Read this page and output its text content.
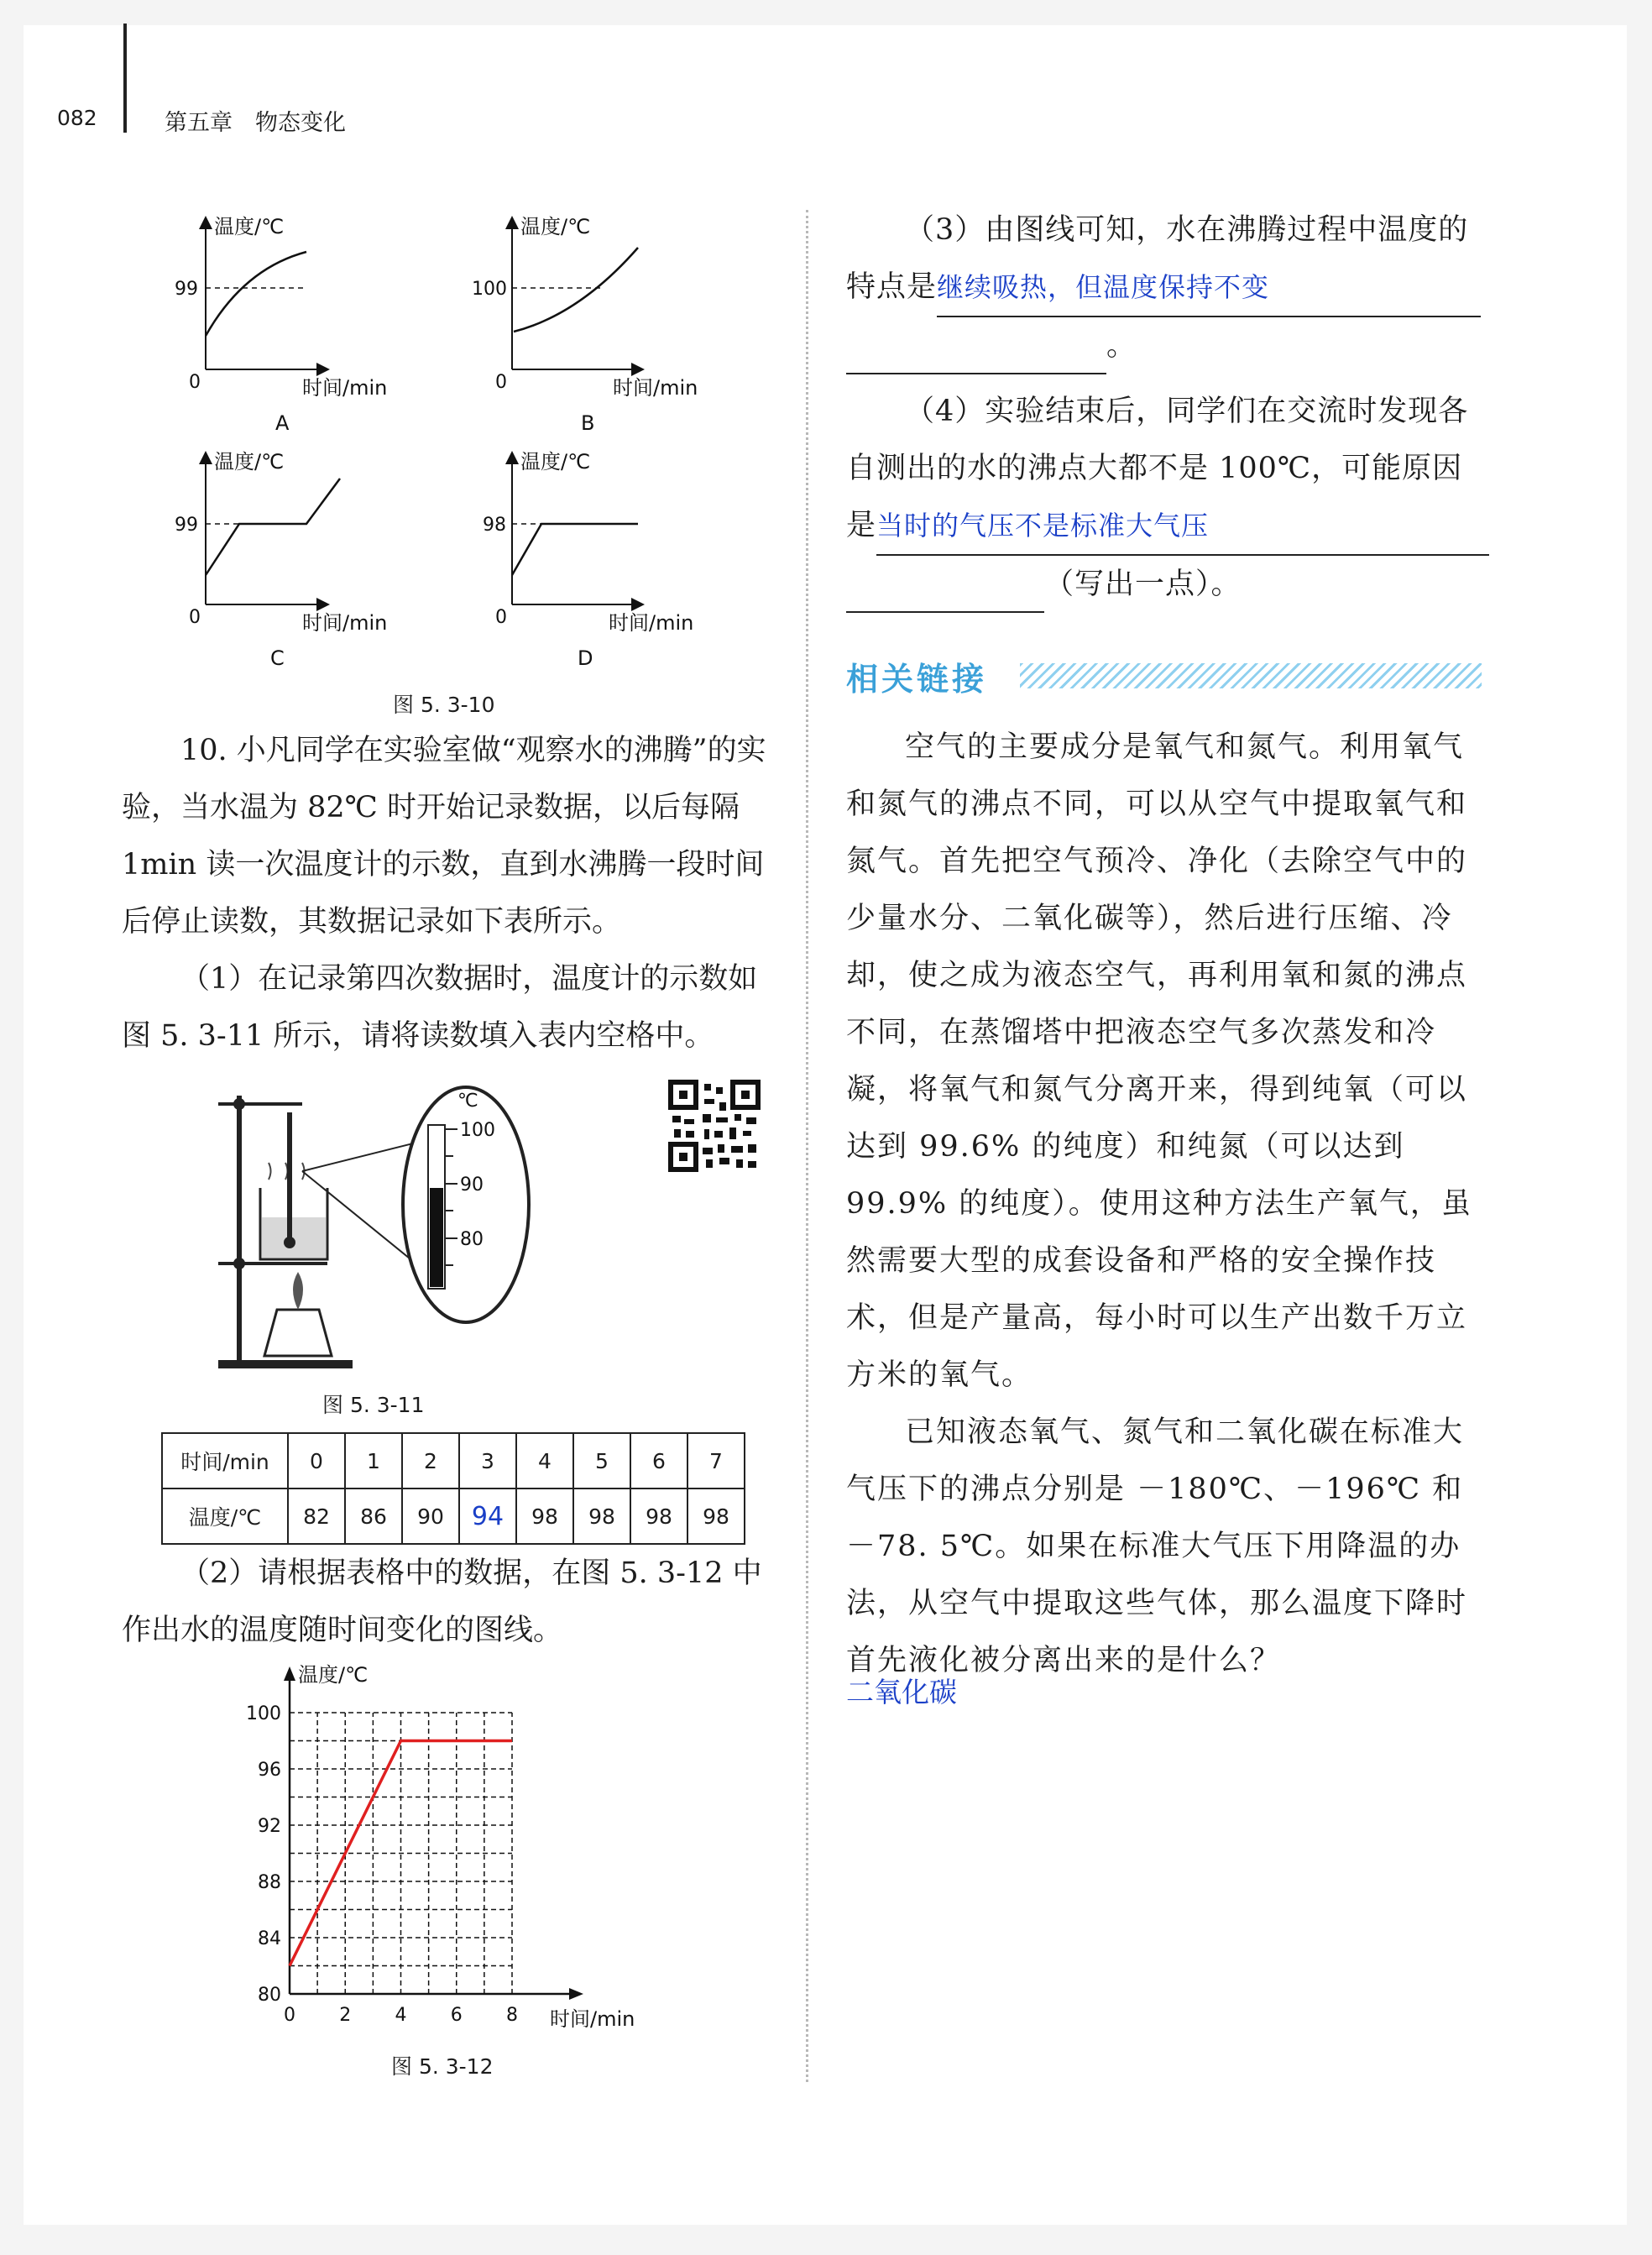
082	第五章　物态变化
温度/℃
时间/min
0
99
A
温度/℃
时间/min
0
100
B
温度/℃
时间/min
0
99
C
温度/℃
时间/min
0
98
D
图 5. 3-10

10. 小凡同学在实验室做“观察水的沸腾”的实验，当水温为 82℃ 时开始记录数据，以后每隔 1min 读一次温度计的示数，直到水沸腾一段时间后停止读数，其数据记录如下表所示。

（1）在记录第四次数据时，温度计的示数如图 5. 3-11 所示，请将读数填入表内空格中。

℃
100
90
80
图 5. 3-11
时间/min	0	1	2	3	4	5	6	7
温度/℃	82	86	90	94	98	98	98	98

（2）请根据表格中的数据，在图 5. 3-12 中作出水的温度随时间变化的图线。

80
84
88
92
96
100
0 2 4 6 8
温度/℃
时间/min
图 5. 3-12
（3）由图线可知，水在沸腾过程中温度的
特点是继续吸热，但温度保持不变
。
（4）实验结束后，同学们在交流时发现各
自测出的水的沸点大都不是 100℃，可能原因
是当时的气压不是标准大气压
（写出一点）。
相关链接

空气的主要成分是氧气和氮气。利用氧气和氮气的沸点不同，可以从空气中提取氧气和氮气。首先把空气预冷、净化（去除空气中的少量水分、二氧化碳等），然后进行压缩、冷却，使之成为液态空气，再利用氧和氮的沸点不同，在蒸馏塔中把液态空气多次蒸发和冷凝，将氧气和氮气分离开来，得到纯氧（可以达到 99.6% 的纯度）和纯氮（可以达到 99.9% 的纯度）。使用这种方法生产氧气，虽然需要大型的成套设备和严格的安全操作技术，但是产量高，每小时可以生产出数千万立方米的氧气。

已知液态氧气、氮气和二氧化碳在标准大气压下的沸点分别是 －180℃、－196℃ 和 －78. 5℃。如果在标准大气压下用降温的办法，从空气中提取这些气体，那么温度下降时首先液化被分离出来的是什么？

二氧化碳
